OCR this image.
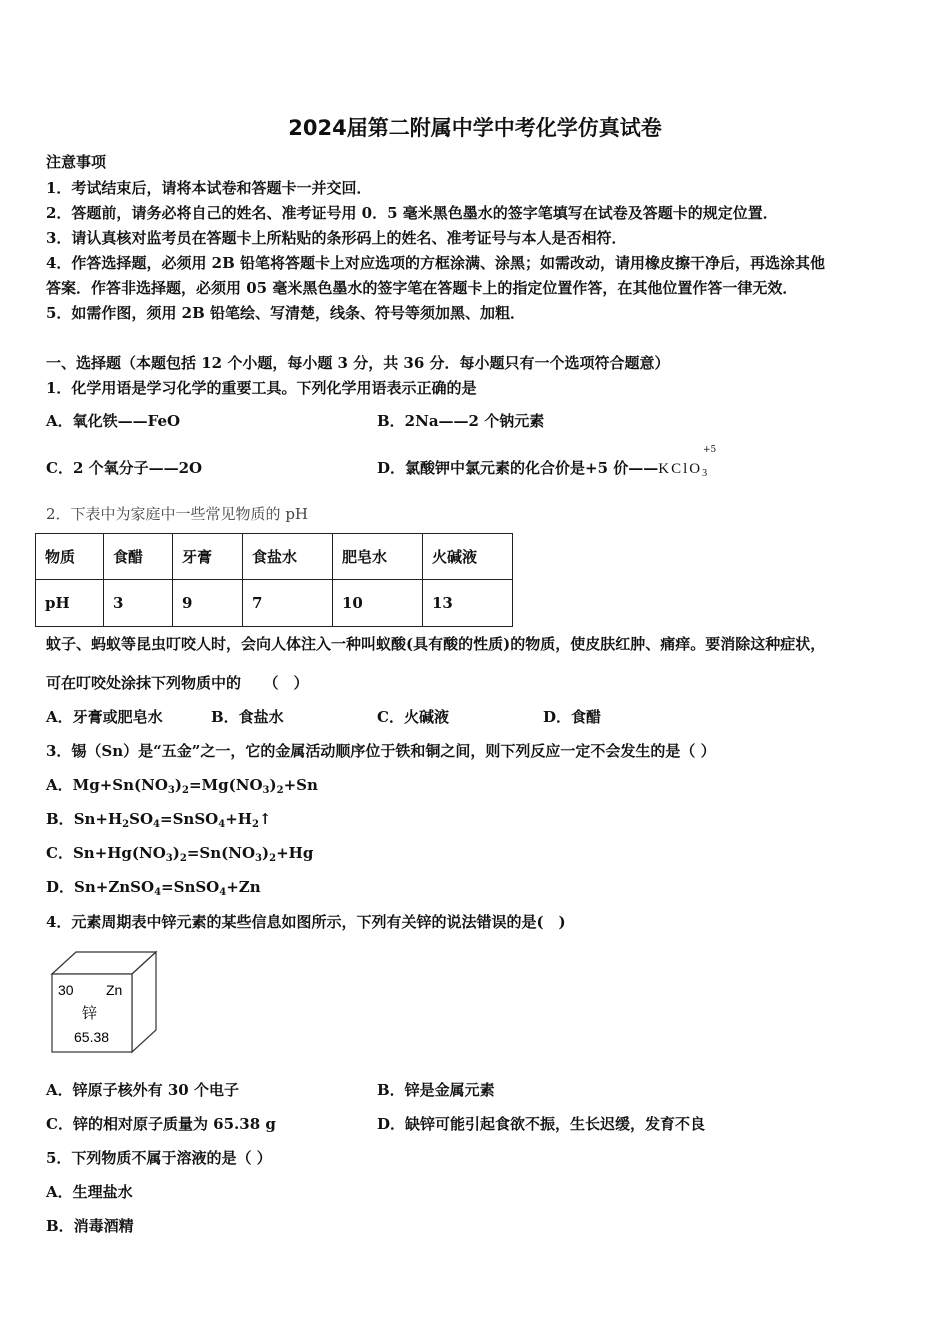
2024届第二附属中学中考化学仿真试卷
注意事项
1．考试结束后，请将本试卷和答题卡一并交回．
2．答题前，请务必将自己的姓名、准考证号用 0．5 毫米黑色墨水的签字笔填写在试卷及答题卡的规定位置．
3．请认真核对监考员在答题卡上所粘贴的条形码上的姓名、准考证号与本人是否相符．
4．作答选择题，必须用 2B 铅笔将答题卡上对应选项的方框涂满、涂黑；如需改动，请用橡皮擦干净后，再选涂其他
答案．作答非选择题，必须用 05 毫米黑色墨水的签字笔在答题卡上的指定位置作答，在其他位置作答一律无效．
5．如需作图，须用 2B 铅笔绘、写清楚，线条、符号等须加黑、加粗．
一、选择题（本题包括 12 个小题，每小题 3 分，共 36 分．每小题只有一个选项符合题意）
1．化学用语是学习化学的重要工具。下列化学用语表示正确的是
A．氧化铁——FeO	B．2Na——2 个钠元素
C．2 个氧分子——2O	D．氯酸钾中氯元素的化合价是+5 价——KClO$_3$
+5
2．下表中为家庭中一些常见物质的 pH
物质	食醋	牙膏	食盐水	肥皂水	火碱液
pH	3	9	7	10	13
蚊子、蚂蚁等昆虫叮咬人时，会向人体注入一种叫蚁酸(具有酸的性质)的物质，使皮肤红肿、痛痒。要消除这种症状，
可在叮咬处涂抹下列物质中的　　（　）
A．牙膏或肥皂水	B．食盐水	C．火碱液	D．食醋
3．锡（Sn）是“五金”之一，它的金属活动顺序位于铁和铜之间，则下列反应一定不会发生的是（ ）
A．$Mg+Sn(NO_3)_2=Mg(NO_3)_2+Sn$
B．$Sn+H_2SO_4=SnSO_4+H_2↑$
C．$Sn+Hg(NO_3)_2=Sn(NO_3)_2+Hg$
D．Sn+ZnSO$_4$=SnSO$_4$+Zn
4．元素周期表中锌元素的某些信息如图所示，下列有关锌的说法错误的是(　)
30 Zn
锌
65.38
A．锌原子核外有 30 个电子	B．锌是金属元素
C．锌的相对原子质量为 65.38 g	D．缺锌可能引起食欲不振，生长迟缓，发育不良
5．下列物质不属于溶液的是（ ）
A．生理盐水
B．消毒酒精
